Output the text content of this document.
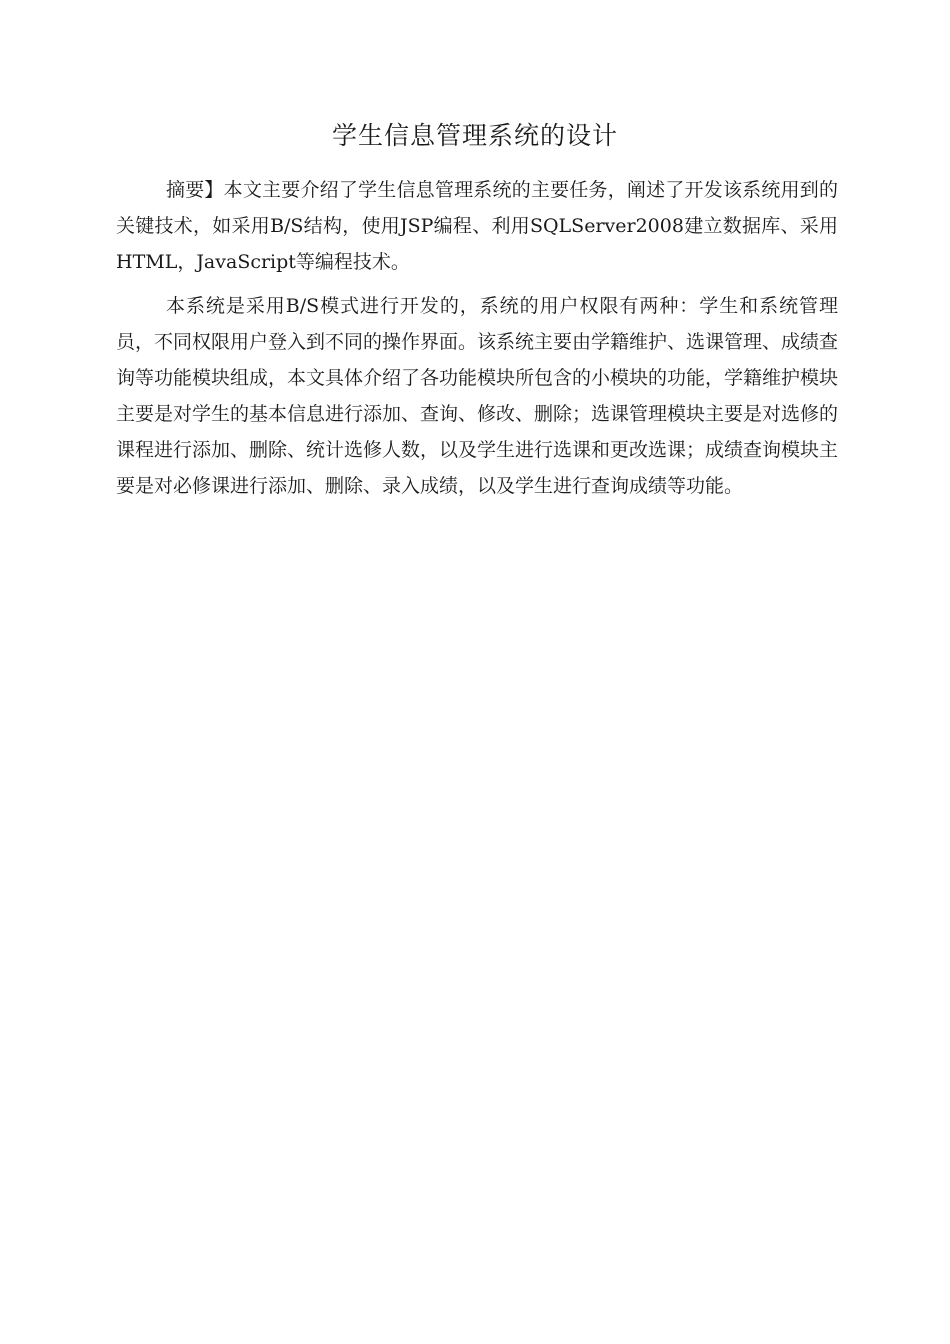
学生信息管理系统的设计

摘要】本文主要介绍了学生信息管理系统的主要任务，阐述了开发该系统用到的关键技术，如采用B/S结构，使用JSP编程、利用SQLServer2008建立数据库、采用HTML，JavaScript等编程技术。

本系统是采用B/S模式进行开发的，系统的用户权限有两种：学生和系统管理员，不同权限用户登入到不同的操作界面。该系统主要由学籍维护、选课管理、成绩查询等功能模块组成，本文具体介绍了各功能模块所包含的小模块的功能，学籍维护模块主要是对学生的基本信息进行添加、查询、修改、删除；选课管理模块主要是对选修的课程进行添加、删除、统计选修人数，以及学生进行选课和更改选课；成绩查询模块主要是对必修课进行添加、删除、录入成绩，以及学生进行查询成绩等功能。
